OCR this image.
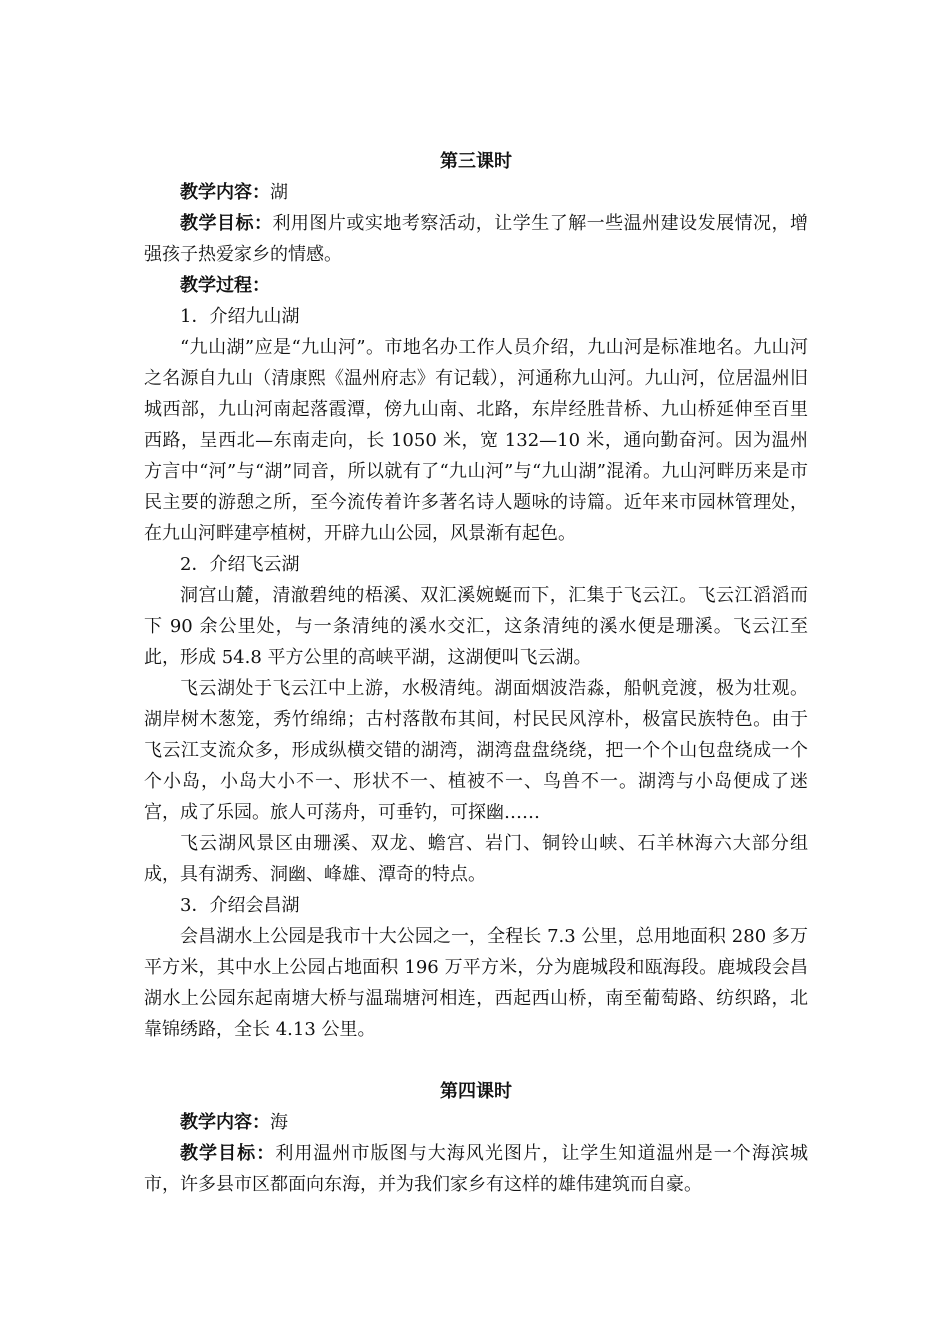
第三课时

教学内容：湖

教学目标：利用图片或实地考察活动，让学生了解一些温州建设发展情况，增强孩子热爱家乡的情感。

教学过程：

1．介绍九山湖

“九山湖”应是“九山河”。市地名办工作人员介绍，九山河是标准地名。九山河之名源自九山（清康熙《温州府志》有记载），河通称九山河。九山河，位居温州旧城西部，九山河南起落霞潭，傍九山南、北路，东岸经胜昔桥、九山桥延伸至百里西路，呈西北—东南走向，长 1050 米，宽 132—10 米，通向勤奋河。因为温州方言中“河”与“湖”同音，所以就有了“九山河”与“九山湖”混淆。九山河畔历来是市民主要的游憩之所，至今流传着许多著名诗人题咏的诗篇。近年来市园林管理处，在九山河畔建亭植树，开辟九山公园，风景渐有起色。

2．介绍飞云湖

洞宫山麓，清澈碧纯的梧溪、双汇溪婉蜒而下，汇集于飞云江。飞云江滔滔而下 90 余公里处，与一条清纯的溪水交汇，这条清纯的溪水便是珊溪。飞云江至此，形成 54.8 平方公里的高峡平湖，这湖便叫飞云湖。

飞云湖处于飞云江中上游，水极清纯。湖面烟波浩淼，船帆竞渡，极为壮观。湖岸树木葱笼，秀竹绵绵；古村落散布其间，村民民风淳朴，极富民族特色。由于飞云江支流众多，形成纵横交错的湖湾，湖湾盘盘绕绕，把一个个山包盘绕成一个个小岛，小岛大小不一、形状不一、植被不一、鸟兽不一。湖湾与小岛便成了迷宫，成了乐园。旅人可荡舟，可垂钓，可探幽……

飞云湖风景区由珊溪、双龙、蟾宫、岩门、铜铃山峡、石羊林海六大部分组成，具有湖秀、洞幽、峰雄、潭奇的特点。

3．介绍会昌湖

会昌湖水上公园是我市十大公园之一，全程长 7.3 公里，总用地面积 280 多万平方米，其中水上公园占地面积 196 万平方米，分为鹿城段和瓯海段。鹿城段会昌湖水上公园东起南塘大桥与温瑞塘河相连，西起西山桥，南至葡萄路、纺织路，北靠锦绣路，全长 4.13 公里。

第四课时

教学内容：海

教学目标：利用温州市版图与大海风光图片，让学生知道温州是一个海滨城市，许多县市区都面向东海，并为我们家乡有这样的雄伟建筑而自豪。
